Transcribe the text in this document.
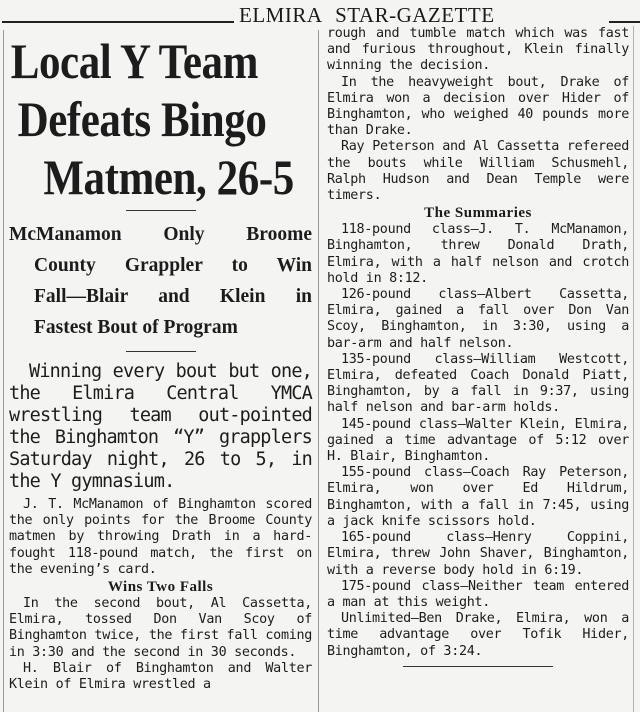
ELMIRA STAR-GAZETTE
Local Y Team
Defeats Bingo
Matmen, 26-5
McManamon Only Broome
County Grappler to Win
Fall—Blair and Klein in
Fastest Bout of Program

Winning every bout but one, the Elmira Central YMCA wrestling team out-pointed the Binghamton “Y” grapplers Saturday night, 26 to 5, in the Y gymnasium.

J. T. McManamon of Binghamton scored the only points for the Broome County matmen by throwing Drath in a hard-fought 118-pound match, the first on the evening’s card.

Wins Two Falls

In the second bout, Al Cassetta, Elmira, tossed Don Van Scoy of Binghamton twice, the first fall coming in 3:30 and the second in 30 seconds.

H. Blair of Binghamton and Walter Klein of Elmira wrestled a

rough and tumble match which was fast and furious throughout, Klein finally winning the decision.

In the heavyweight bout, Drake of Elmira won a decision over Hider of Binghamton, who weighed 40 pounds more than Drake.

Ray Peterson and Al Cassetta refereed the bouts while William Schusmehl, Ralph Hudson and Dean Temple were timers.

The Summaries

118-pound class—J. T. McManamon, Binghamton, threw Donald Drath, Elmira, with a half nelson and crotch hold in 8:12.

126-pound class—Albert Cassetta, Elmira, gained a fall over Don Van Scoy, Binghamton, in 3:30, using a bar-arm and half nelson.

135-pound class—William Westcott, Elmira, defeated Coach Donald Piatt, Binghamton, by a fall in 9:37, using half nelson and bar-arm holds.

145-pound class—Walter Klein, Elmira, gained a time advantage of 5:12 over H. Blair, Binghamton.

155-pound class—Coach Ray Peterson, Elmira, won over Ed Hildrum, Binghamton, with a fall in 7:45, using a jack knife scissors hold.

165-pound class—Henry Coppini, Elmira, threw John Shaver, Binghamton, with a reverse body hold in 6:19.

175-pound class—Neither team entered a man at this weight.

Unlimited—Ben Drake, Elmira, won a time advantage over Tofik Hider, Binghamton, of 3:24.
